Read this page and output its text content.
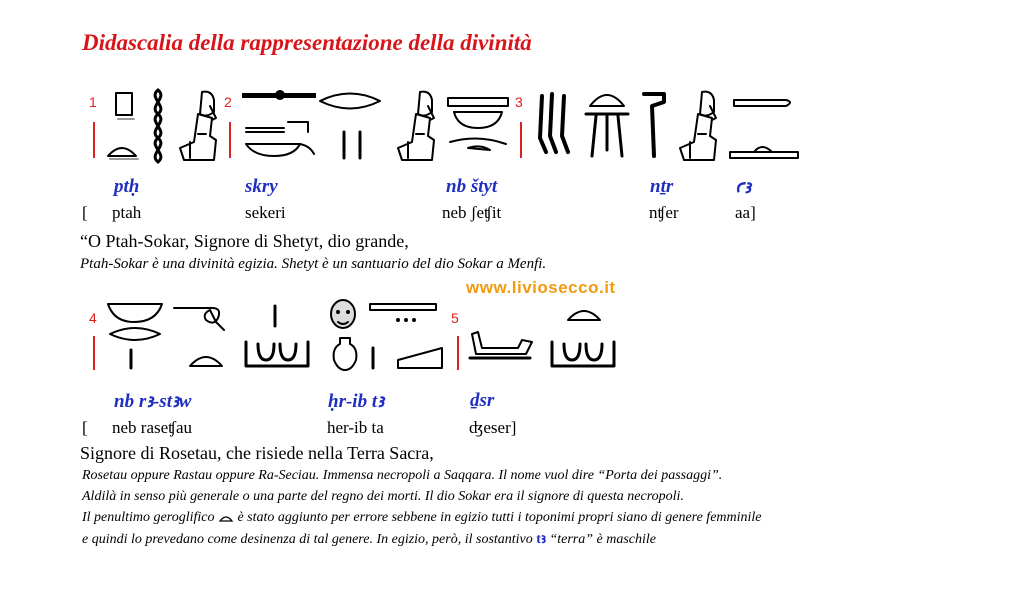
Didascalia della rappresentazione della divinità
1	2	3
ptḥ	skry	nb štyt	nṯr	ꜥꜣ
[ ptah	sekeri	neb ʃeʧit	nʧer	aa]
“O Ptah-Sokar, Signore di Shetyt, dio grande,
Ptah-Sokar è una divinità egizia. Shetyt è un santuario del dio Sokar a Menfi.
www.liviosecco.it
4	5
nb rꜣ-stꜣw	ḥr-ib tꜣ	ḏsr
[ neb raseʧau	her-ib ta	ʤeser]
Signore di Rosetau, che risiede nella Terra Sacra,
Rosetau oppure Rastau oppure Ra-Seciau. Immensa necropoli a Saqqara. Il nome vuol dire “Porta dei passaggi”.
Aldilà in senso più generale o una parte del regno dei morti. Il dio Sokar era il signore di questa necropoli.
Il penultimo geroglifico è stato aggiunto per errore sebbene in egizio tutti i toponimi propri siano di genere femminile
e quindi lo prevedano come desinenza di tal genere. In egizio, però, il sostantivo tꜣ “terra” è maschile
